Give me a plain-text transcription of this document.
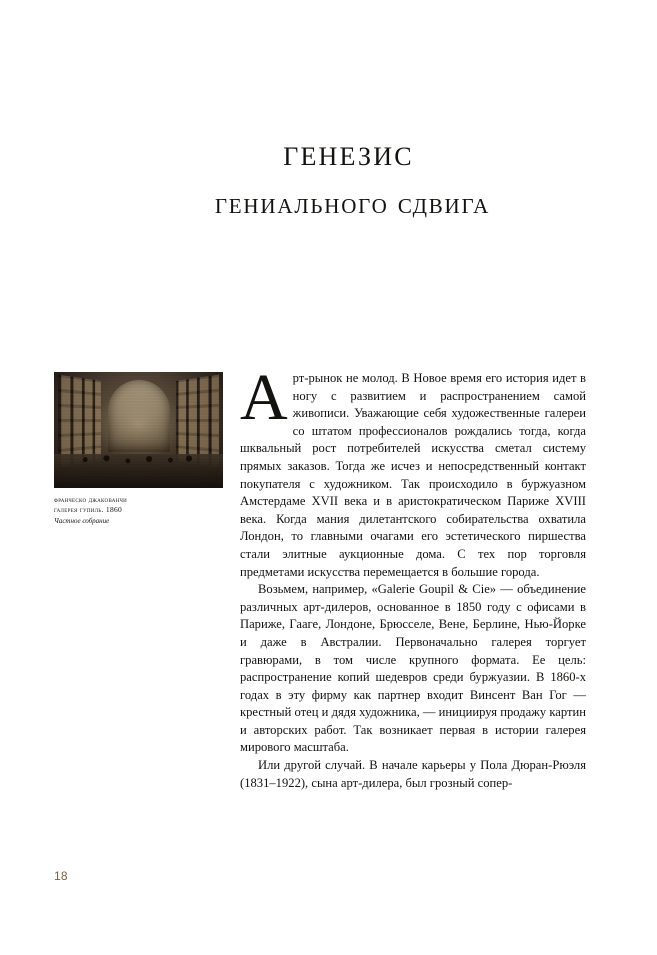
генезис
гениального сдвига
франческо джакованчи
галерея гупиль. 1860
Частное собрание

Арт-рынок не молод. В Новое время его история идет в ногу с развитием и распространением самой живописи. Уважающие себя художественные галереи со штатом профессионалов рождались тогда, когда шквальный рост потребителей искусства сметал систему прямых заказов. Тогда же исчез и непосредственный контакт покупателя с художником. Так происходило в буржуазном Амстердаме XVII века и в аристократическом Париже XVIII века. Когда мания дилетантского собирательства охватила Лондон, то главными очагами его эстетического пиршества стали элитные аукционные дома. С тех пор торговля предметами искусства перемещается в большие города.

Возьмем, например, «Galerie Goupil & Cie» — объединение различных арт-дилеров, основанное в 1850 году с офисами в Париже, Гааге, Лондоне, Брюсселе, Вене, Берлине, Нью-Йорке и даже в Австралии. Первоначально галерея торгует гравюрами, в том числе крупного формата. Ее цель: распространение копий шедевров среди буржуазии. В 1860-х годах в эту фирму как партнер входит Винсент Ван Гог — крестный отец и дядя художника, — инициируя продажу картин и авторских работ. Так возникает первая в истории галерея мирового масштаба.

Или другой случай. В начале карьеры у Пола Дюран-Рюэля (1831–1922), сына арт-дилера, был грозный сопер-

18
